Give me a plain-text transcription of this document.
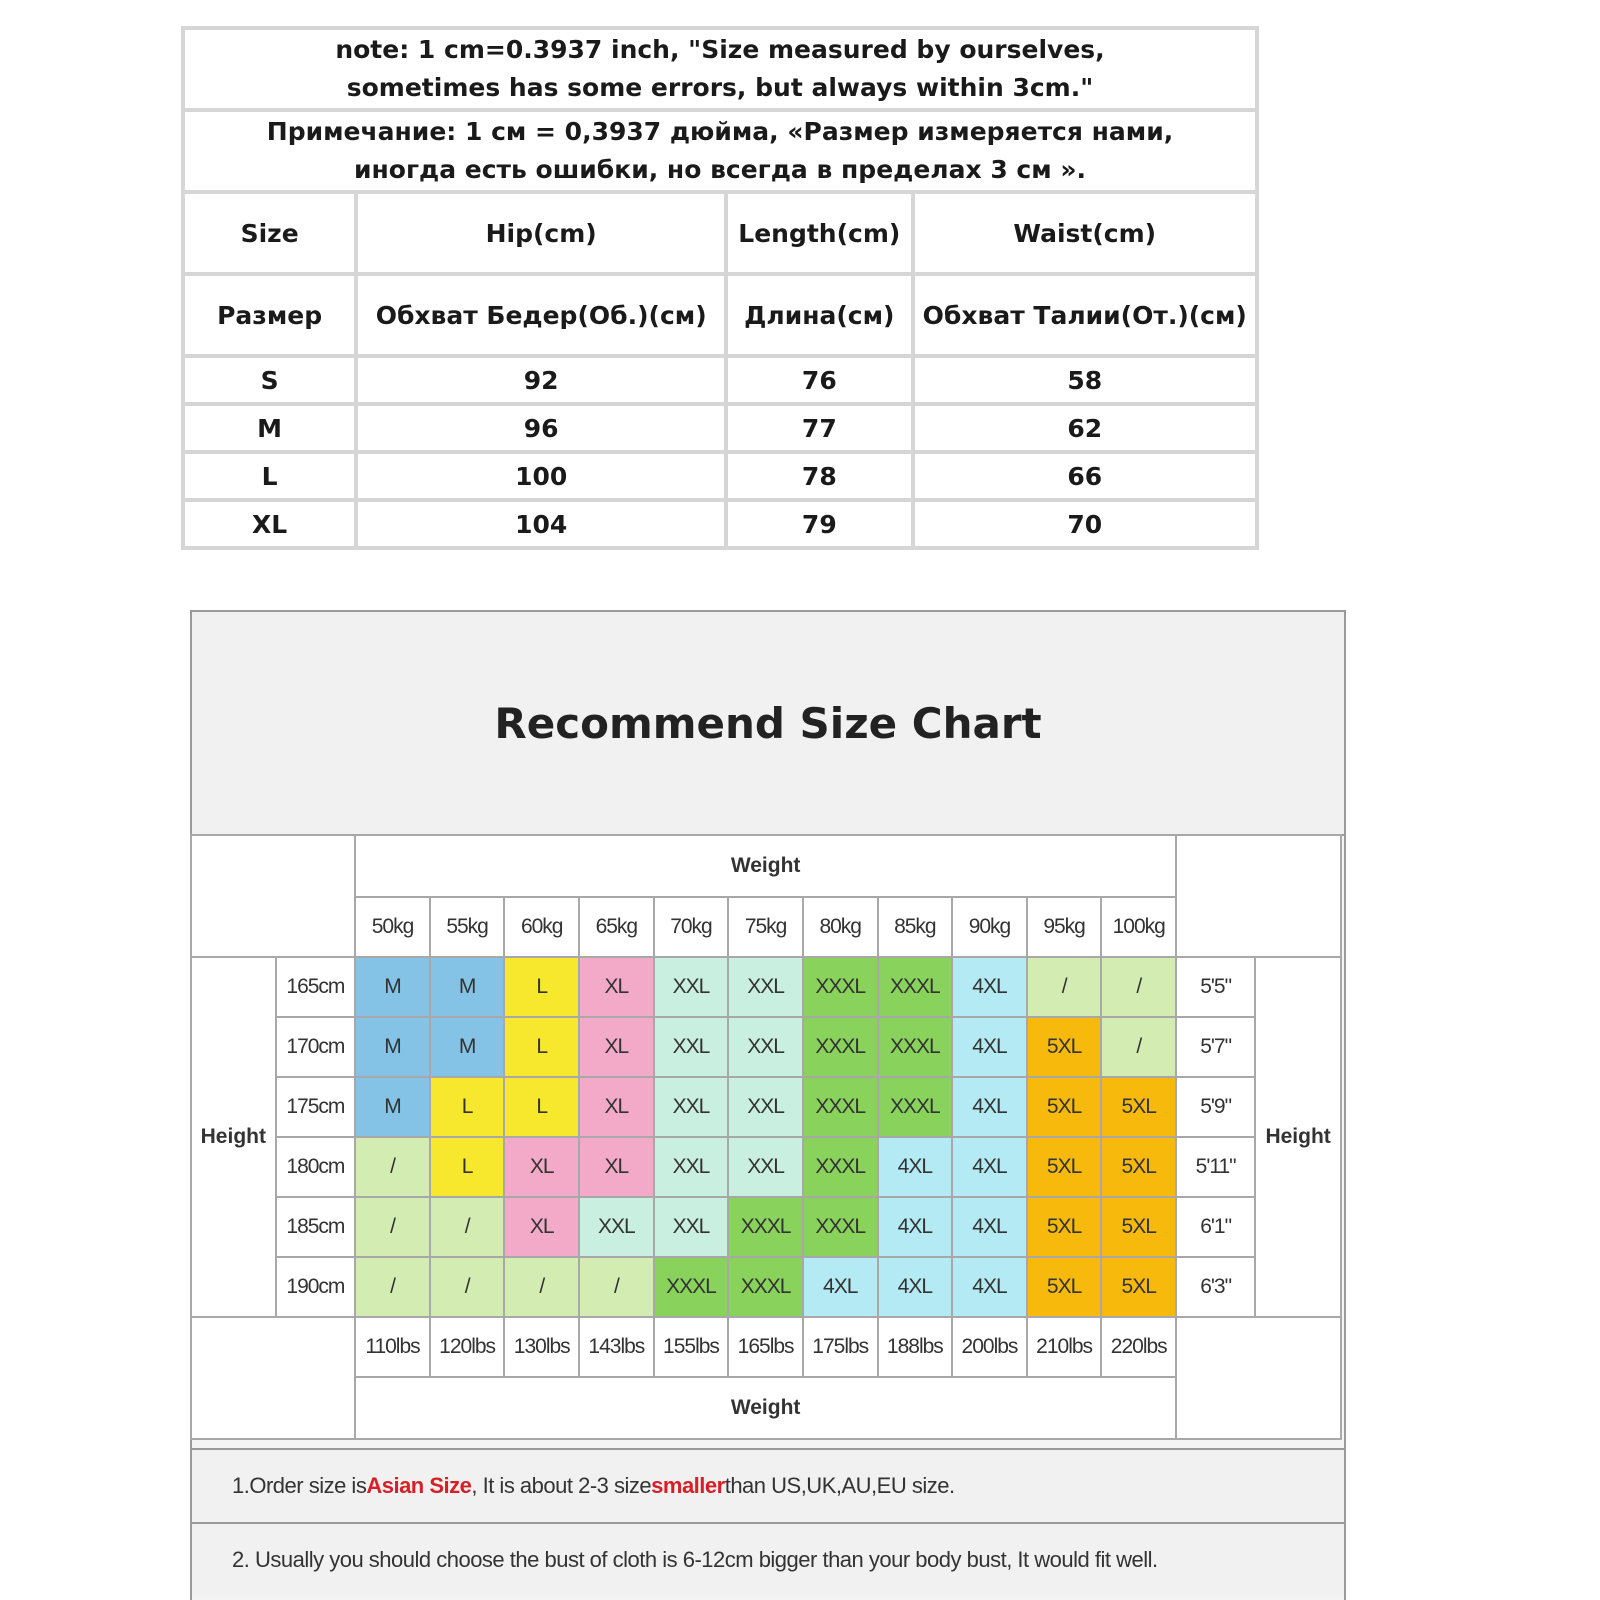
note: 1 cm=0.3937 inch, "Size measured by ourselves,
sometimes has some errors, but always within 3cm."			

Примечание: 1 см = 0,3937 дюйма, «Размер измеряется нами,
иногда есть ошибки, но всегда в пределах 3 см ».			

Size	Hip(cm)	Length(cm)	Waist(cm)
Размер	Обхват Бедер(Об.)(см)	Длина(см)	Обхват Талии(От.)(см)
S	92	76	58
M	96	77	62
L	100	78	66
XL	104	79	70
Recommend Size Chart
		Weight												
		50kg	55kg	60kg	65kg	70kg	75kg	80kg	85kg	90kg	95kg	100kg		
Height	165cm	M	M	L	XL	XXL	XXL	XXXL	XXXL	4XL	/	/	5'5"	Height
	170cm	M	M	L	XL	XXL	XXL	XXXL	XXXL	4XL	5XL	/	5'7"	
	175cm	M	L	L	XL	XXL	XXL	XXXL	XXXL	4XL	5XL	5XL	5'9"	
	180cm	/	L	XL	XL	XXL	XXL	XXXL	4XL	4XL	5XL	5XL	5'11"	
	185cm	/	/	XL	XXL	XXL	XXXL	XXXL	4XL	4XL	5XL	5XL	6'1"	
	190cm	/	/	/	/	XXXL	XXXL	4XL	4XL	4XL	5XL	5XL	6'3"	
		110lbs	120lbs	130lbs	143lbs	155lbs	165lbs	175lbs	188lbs	200lbs	210lbs	220lbs		
		Weight												
1.Order size is Asian Size , It is about 2-3 size smaller than US,UK,AU,EU size.
2. Usually you should choose the bust of cloth is 6-12cm bigger than your body bust, It would fit well.
